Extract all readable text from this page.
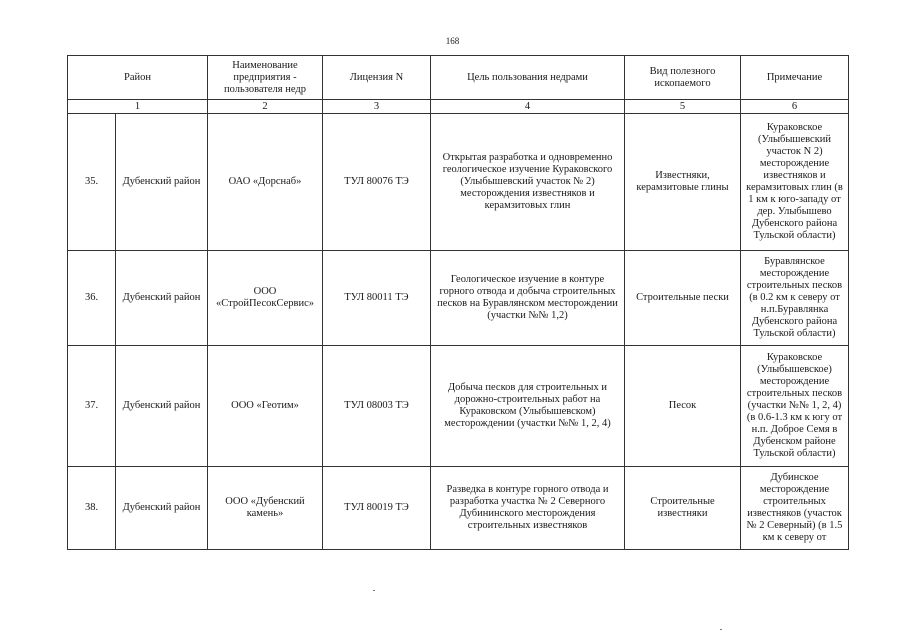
168
Район		Наименование предприятия - пользователя недр	Лицензия N	Цель пользования недрами	Вид полезного ископаемого	Примечание
1		2	3	4	5	6
35.	Дубенский район	ОАО «Дорснаб»	ТУЛ 80076 ТЭ	Открытая разработка и одновременно геологическое изучение Кураковского (Улыбышевский участок № 2) месторождения известняков и керамзитовых глин	Известняки, керамзитовые глины	Кураковское (Улыбышевский участок N 2) месторождение известняков и керамзитовых глин (в 1 км к юго-западу от дер. Улыбышево Дубенского района Тульской области)
36.	Дубенский район	ООО «СтройПесокСервис»	ТУЛ 80011 ТЭ	Геологическое изучение в контуре горного отвода и добыча строительных песков на Буравлянском месторождении (участки №№ 1,2)	Строительные пески	Буравлянское месторождение строительных песков (в 0.2 км к северу от н.п.Буравлянка Дубенского района Тульской области)
37.	Дубенский район	ООО «Геотим»	ТУЛ 08003 ТЭ	Добыча песков для строительных и дорожно-строительных работ на Кураковском (Улыбышевском) месторождении (участки №№ 1, 2, 4)	Песок	Кураковское (Улыбышевское) месторождение строительных песков (участки №№ 1, 2, 4) (в 0.6-1.3 км к югу от н.п. Доброе Семя в Дубенском районе Тульской области)
38.	Дубенский район	ООО «Дубенский камень»	ТУЛ 80019 ТЭ	Разведка в контуре горного отвода и разработка участка № 2 Северного Дубининского месторождения строительных известняков	Строительные известняки	Дубинское месторождение строительных известняков (участок № 2 Северный) (в 1.5 км к северу от
